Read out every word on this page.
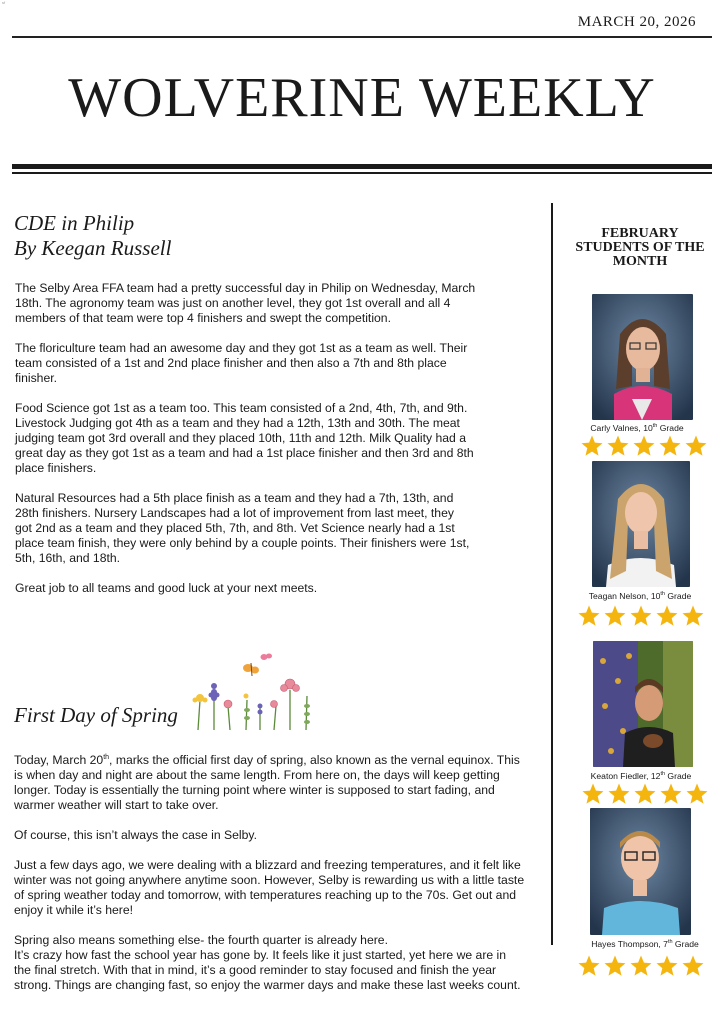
sf
MARCH 20, 2026
WOLVERINE WEEKLY
CDE in Philip
By Keegan Russell

The Selby Area FFA team had a pretty successful day in Philip on Wednesday, March
18th. The agronomy team was just on another level, they got 1st overall and all 4
members of that team were top 4 finishers and swept the competition.

The floriculture team had an awesome day and they got 1st as a team as well. Their
team consisted of a 1st and 2nd place finisher and then also a 7th and 8th place
finisher.

Food Science got 1st as a team too. This team consisted of a 2nd, 4th, 7th, and 9th.
Livestock Judging got 4th as a team and they had a 12th, 13th and 30th. The meat
judging team got 3rd overall and they placed 10th, 11th and 12th. Milk Quality had a
great day as they got 1st as a team and had a 1st place finisher and then 3rd and 8th
place finishers.

Natural Resources had a 5th place finish as a team and they had a 7th, 13th, and
28th finishers. Nursery Landscapes had a lot of improvement from last meet, they
got 2nd as a team and they placed 5th, 7th, and 8th. Vet Science nearly had a 1st
place team finish, they were only behind by a couple points. Their finishers were 1st,
5th, 16th, and 18th.

Great job to all teams and good luck at your next meets.

First Day of Spring

Today, March 20th, marks the official first day of spring, also known as the vernal equinox. This
is when day and night are about the same length. From here on, the days will keep getting
longer. Today is essentially the turning point where winter is supposed to start fading, and
warmer weather will start to take over.

Of course, this isn’t always the case in Selby.

Just a few days ago, we were dealing with a blizzard and freezing temperatures, and it felt like
winter was not going anywhere anytime soon. However, Selby is rewarding us with a little taste
of spring weather today and tomorrow, with temperatures reaching up to the 70s. Get out and
enjoy it while it’s here!

Spring also means something else- the fourth quarter is already here.
It’s crazy how fast the school year has gone by. It feels like it just started, yet here we are in
the final stretch. With that in mind, it’s a good reminder to stay focused and finish the year
strong. Things are changing fast, so enjoy the warmer days and make these last weeks count.

FEBRUARY
STUDENTS OF THE
MONTH
Carly Valnes, 10th Grade
Teagan Nelson, 10th Grade
Keaton Fiedler, 12th Grade
Hayes Thompson, 7th Grade
